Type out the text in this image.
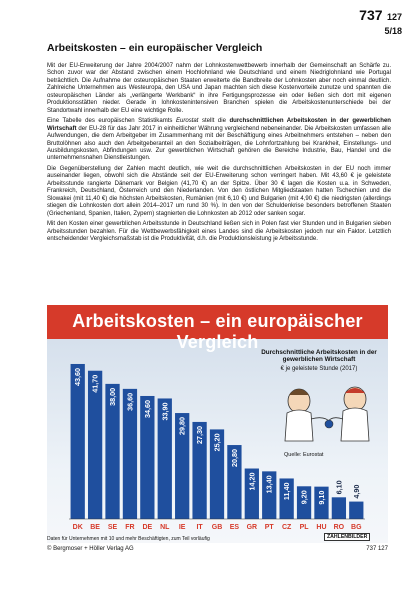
737 127
5/18
Arbeitskosten – ein europäischer Vergleich

Mit der EU-Erweiterung der Jahre 2004/2007 nahm der Lohnkostenwettbewerb innerhalb der Gemeinschaft an Schärfe zu. Schon zuvor war der Abstand zwischen einem Hochlohnland wie Deutschland und einem Niedriglohnland wie Portugal beträchtlich. Die Aufnahme der osteuropäischen Staaten erweiterte die Bandbreite der Lohnkosten aber noch einmal deutlich. Zahlreiche Unternehmen aus Westeuropa, den USA und Japan machten sich diese Kostenvorteile zunutze und spannten die osteuropäischen Länder als „verlängerte Werkbank“ in ihre Fertigungsprozesse ein oder ließen sich dort mit eigenen Produktionsstätten nieder. Gerade in lohnkostenintensiven Branchen spielen die Arbeitskostenunterschiede bei der Standortwahl innerhalb der EU eine wichtige Rolle.

Eine Tabelle des europäischen Statistikamts Eurostat stellt die durchschnittlichen Arbeitskosten in der gewerblichen Wirtschaft der EU-28 für das Jahr 2017 in einheitlicher Währung vergleichend nebeneinander. Die Arbeitskosten umfassen alle Aufwendungen, die dem Arbeitgeber im Zusammenhang mit der Beschäftigung eines Arbeitnehmers entstehen – neben den Bruttolöhnen also auch den Arbeitgeberanteil an den Sozialbeiträgen, die Lohnfortzahlung bei Krankheit, Einstellungs- und Ausbildungskosten, Abfindungen usw. Zur gewerblichen Wirtschaft gehören die Bereiche Industrie, Bau, Handel und die unternehmensnahen Dienstleistungen.

Die Gegenüberstellung der Zahlen macht deutlich, wie weit die durchschnittlichen Arbeitskosten in der EU noch immer auseinander liegen, obwohl sich die Abstände seit der EU-Erweiterung schon verringert haben. Mit 43,60 € je geleistete Arbeitsstunde rangierte Dänemark vor Belgien (41,70 €) an der Spitze. Über 30 € lagen die Kosten u.a. in Schweden, Frankreich, Deutschland, Österreich und den Niederlanden. Von den östlichen Mitgliedstaaten hatten Tschechien und die Slowakei (mit 11,40 €) die höchsten Arbeitskosten, Rumänien (mit 6,10 €) und Bulgarien (mit 4,90 €) die niedrigsten (allerdings stiegen die Lohnkosten dort allein 2014–2017 um rund 30 %). In den von der Schuldenkrise besonders betroffenen Staaten (Griechenland, Spanien, Italien, Zypern) stagnierten die Lohnkosten ab 2012 oder sanken sogar.

Mit den Kosten einer gewerblichen Arbeitsstunde in Deutschland ließen sich in Polen fast vier Stunden und in Bulgarien sieben Arbeitsstunden bezahlen. Für die Wettbewerbsfähigkeit eines Landes sind die Arbeitskosten jedoch nur ein Faktor. Letztlich entscheidender Vergleichsmaßstab ist die Produktivität, d.h. die Produktionsleistung je Arbeitsstunde.

Arbeitskosten – ein europäischer Vergleich
Durchschnittliche Arbeitskosten in der gewerblichen Wirtschaft
€ je geleistete Stunde (2017)
Quelle: Eurostat
43,60
DK
41,70
BE
38,00
SE
36,60
FR
34,60
DE
33,90
NL
29,80
IE
27,30
IT
25,20
GB
20,80
ES
14,20
GR
13,40
PT
11,40
CZ
9,20
PL
9,10
HU
6,10
RO
4,90
BG
Daten für Unternehmen mit 10 und mehr Beschäftigten, zum Teil vorläufig	ZAHLENBILDER
© Bergmoser + Höller Verlag AG	737 127
